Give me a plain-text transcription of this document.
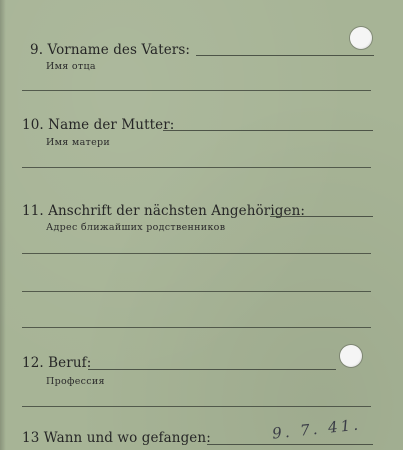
9. Vorname des Vaters:
Имя отца
10. Name der Mutter:
Имя матери
11. Anschrift der nächsten Angehörigen:
Адрес ближайших родственников
12. Beruf:
Профессия
13 Wann und wo gefangen:	9. 7. 41.
